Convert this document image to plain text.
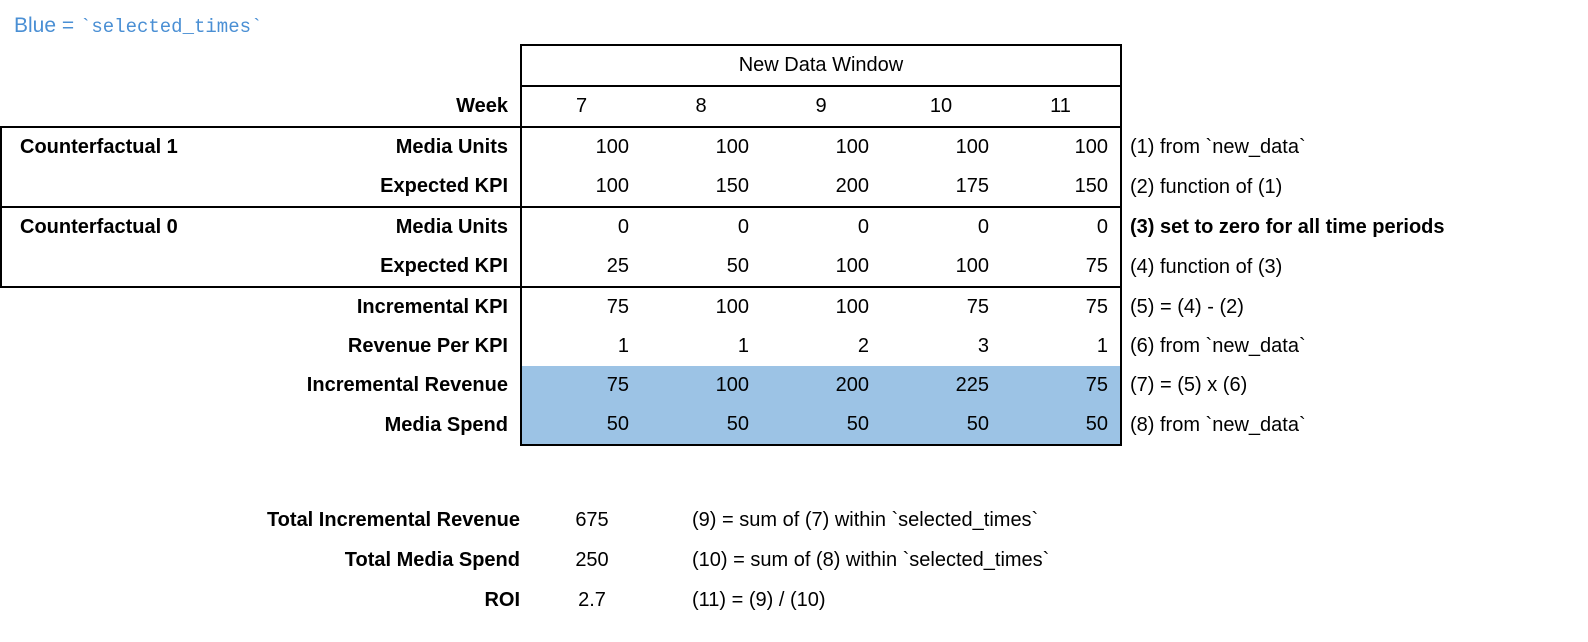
Blue = `selected_times`
	New Data Window					
Week	7	8	9	10	11	
Counterfactual 1 Media Units	100	100	100	100	100	(1) from `new_data`
Expected KPI	100	150	200	175	150	(2) function of (1)
Counterfactual 0 Media Units	0	0	0	0	0	(3) set to zero for all time periods
Expected KPI	25	50	100	100	75	(4) function of (3)
Incremental KPI	75	100	100	75	75	(5) = (4) - (2)
Revenue Per KPI	1	1	2	3	1	(6) from `new_data`
Incremental Revenue	75	100	200	225	75	(7) = (5) x (6)
Media Spend	50	50	50	50	50	(8) from `new_data`
Total Incremental Revenue	675		(9) = sum of (7) within `selected_times`
Total Media Spend	250		(10) = sum of (8) within `selected_times`
ROI	2.7		(11) = (9) / (10)
